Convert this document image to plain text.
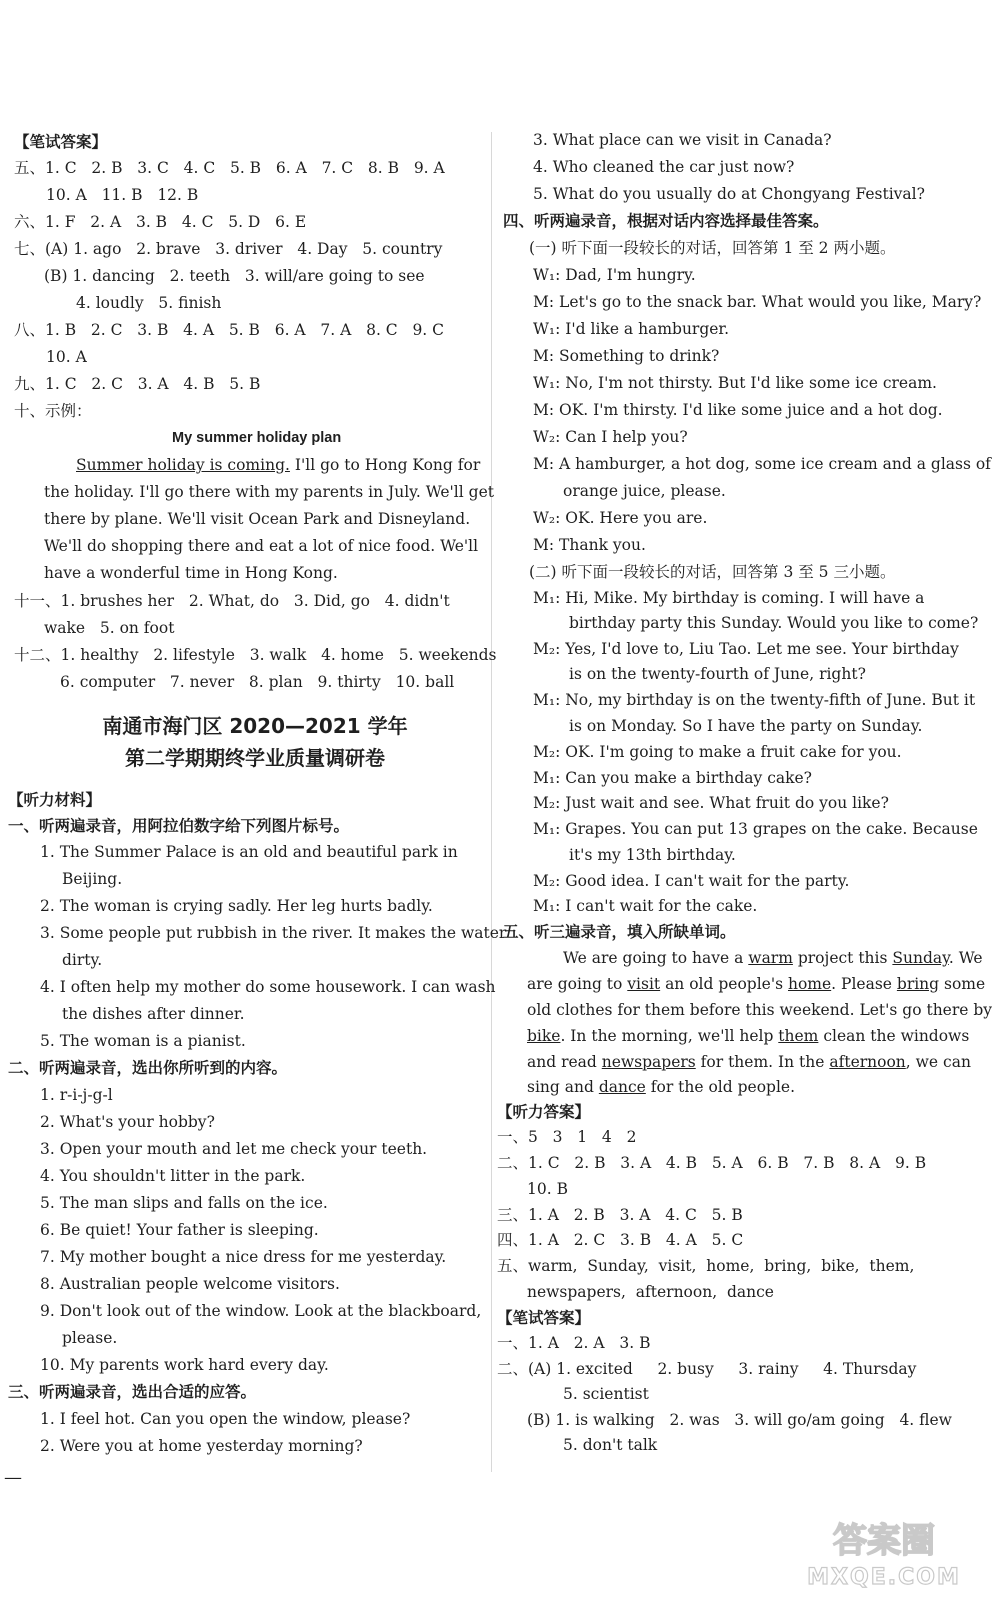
【笔试答案】
五、1. C 2. B 3. C 4. C 5. B 6. A 7. C 8. B 9. A
10. A 11. B 12. B
六、1. F 2. A 3. B 4. C 5. D 6. E
七、(A) 1. ago   2. brave   3. driver   4. Day   5. country
(B) 1. dancing   2. teeth   3. will/are going to see
4. loudly   5. finish
八、1. B   2. C   3. B   4. A   5. B   6. A   7. A   8. C   9. C
10. A
九、1. C   2. C   3. A   4. B   5. B
十、示例：
My summer holiday plan
Summer holiday is coming. I'll go to Hong Kong for
the holiday. I'll go there with my parents in July. We'll get
there by plane. We'll visit Ocean Park and Disneyland.
We'll do shopping there and eat a lot of nice food. We'll
have a wonderful time in Hong Kong.
十一、1. brushes her   2. What, do   3. Did, go   4. didn't
wake   5. on foot
十二、1. healthy   2. lifestyle   3. walk   4. home   5. weekends
6. computer   7. never   8. plan   9. thirty   10. ball
南通市海门区 2020—2021 学年
第二学期期终学业质量调研卷
【听力材料】
一、听两遍录音，用阿拉伯数字给下列图片标号。
1. The Summer Palace is an old and beautiful park in
Beijing.
2. The woman is crying sadly. Her leg hurts badly.
3. Some people put rubbish in the river. It makes the water
dirty.
4. I often help my mother do some housework. I can wash
the dishes after dinner.
5. The woman is a pianist.
二、听两遍录音，选出你所听到的内容。
1. r-i-j-g-l
2. What's your hobby?
3. Open your mouth and let me check your teeth.
4. You shouldn't litter in the park.
5. The man slips and falls on the ice.
6. Be quiet! Your father is sleeping.
7. My mother bought a nice dress for me yesterday.
8. Australian people welcome visitors.
9. Don't look out of the window. Look at the blackboard,
please.
10. My parents work hard every day.
三、听两遍录音，选出合适的应答。
1. I feel hot. Can you open the window, please?
2. Were you at home yesterday morning?
—
3. What place can we visit in Canada?
4. Who cleaned the car just now?
5. What do you usually do at Chongyang Festival?
四、听两遍录音，根据对话内容选择最佳答案。
(一) 听下面一段较长的对话，回答第 1 至 2 两小题。
W₁: Dad, I'm hungry.
M: Let's go to the snack bar. What would you like, Mary?
W₁: I'd like a hamburger.
M: Something to drink?
W₁: No, I'm not thirsty. But I'd like some ice cream.
M: OK. I'm thirsty. I'd like some juice and a hot dog.
W₂: Can I help you?
M: A hamburger, a hot dog, some ice cream and a glass of
orange juice, please.
W₂: OK. Here you are.
M: Thank you.
(二) 听下面一段较长的对话，回答第 3 至 5 三小题。
M₁: Hi, Mike. My birthday is coming. I will have a
birthday party this Sunday. Would you like to come?
M₂: Yes, I'd love to, Liu Tao. Let me see. Your birthday
is on the twenty-fourth of June, right?
M₁: No, my birthday is on the twenty-fifth of June. But it
is on Monday. So I have the party on Sunday.
M₂: OK. I'm going to make a fruit cake for you.
M₁: Can you make a birthday cake?
M₂: Just wait and see. What fruit do you like?
M₁: Grapes. You can put 13 grapes on the cake. Because
it's my 13th birthday.
M₂: Good idea. I can't wait for the party.
M₁: I can't wait for the cake.
五、听三遍录音，填入所缺单词。
We are going to have a warm project this Sunday. We
are going to visit an old people's home. Please bring some
old clothes for them before this weekend. Let's go there by
bike. In the morning, we'll help them clean the windows
and read newspapers for them. In the afternoon, we can
sing and dance for the old people.
【听力答案】
一、5   3   1   4   2
二、1. C   2. B   3. A   4. B   5. A   6. B   7. B   8. A   9. B
10. B
三、1. A   2. B   3. A   4. C   5. B
四、1. A   2. C   3. B   4. A   5. C
五、warm,  Sunday,  visit,  home,  bring,  bike,  them,
newspapers,  afternoon,  dance
【笔试答案】
一、1. A   2. A   3. B
二、(A) 1. excited     2. busy     3. rainy     4. Thursday
5. scientist
(B) 1. is walking   2. was   3. will go/am going   4. flew
5. don't talk
答案圈
MXQE.COM
